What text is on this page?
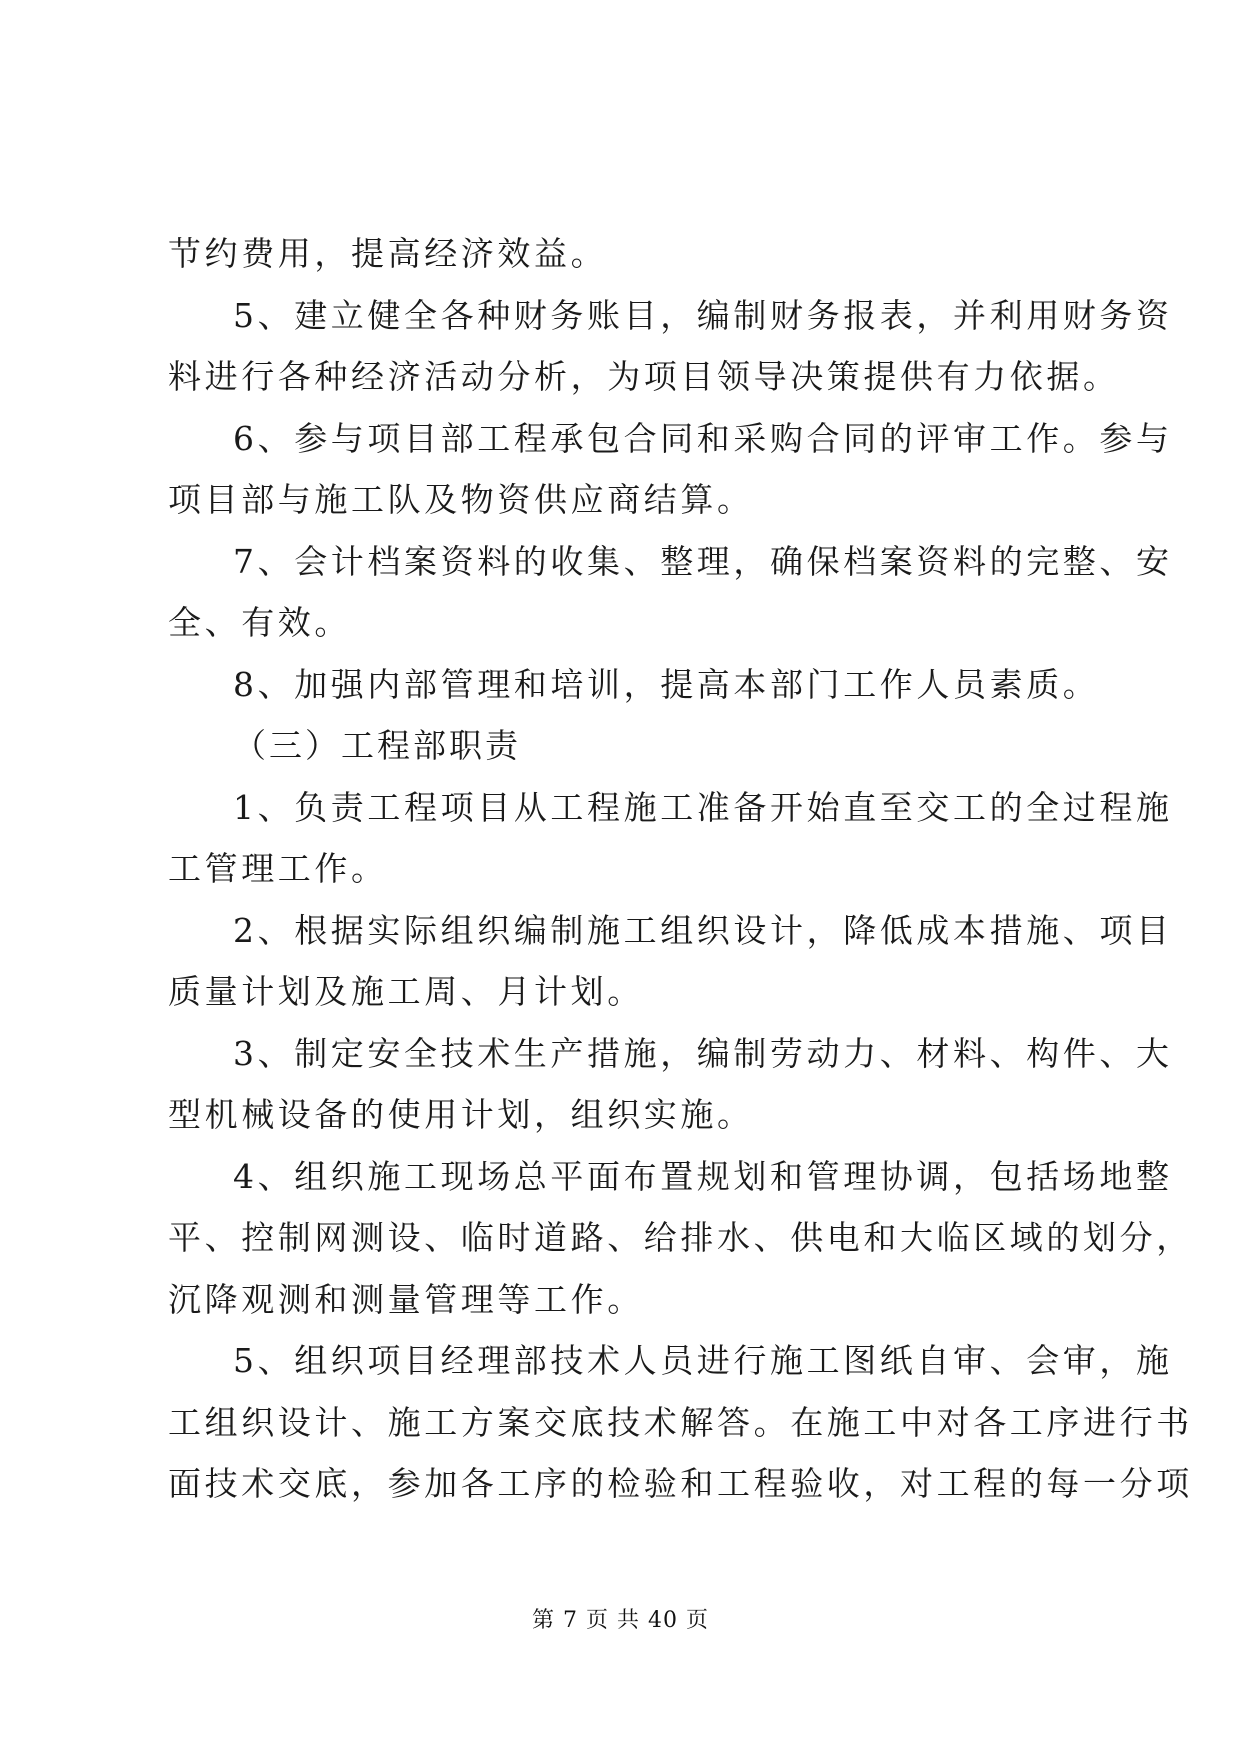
节约费用，提高经济效益。
5、建立健全各种财务账目，编制财务报表，并利用财务资
料进行各种经济活动分析，为项目领导决策提供有力依据。
6、参与项目部工程承包合同和采购合同的评审工作。参与
项目部与施工队及物资供应商结算。
7、会计档案资料的收集、整理，确保档案资料的完整、安
全、有效。
8、加强内部管理和培训，提高本部门工作人员素质。
（三）工程部职责
1、负责工程项目从工程施工准备开始直至交工的全过程施
工管理工作。
2、根据实际组织编制施工组织设计，降低成本措施、项目
质量计划及施工周、月计划。
3、制定安全技术生产措施，编制劳动力、材料、构件、大
型机械设备的使用计划，组织实施。
4、组织施工现场总平面布置规划和管理协调，包括场地整
平、控制网测设、临时道路、给排水、供电和大临区域的划分，
沉降观测和测量管理等工作。
5、组织项目经理部技术人员进行施工图纸自审、会审，施
工组织设计、施工方案交底技术解答。在施工中对各工序进行书
面技术交底，参加各工序的检验和工程验收，对工程的每一分项
第 7 页 共 40 页
